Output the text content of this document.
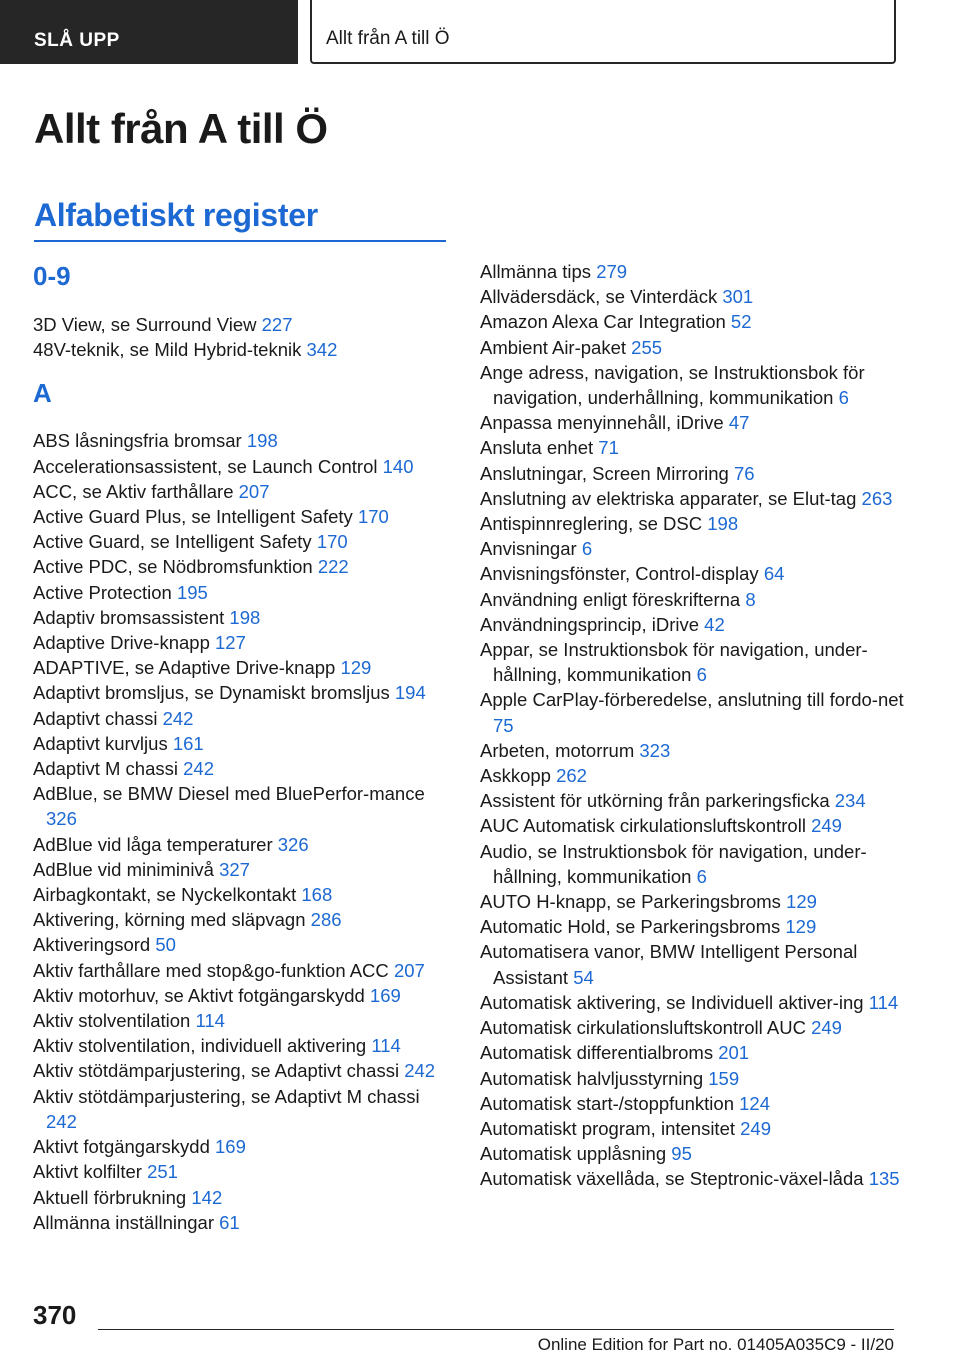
SLÅ UPP	Allt från A till Ö
Allt från A till Ö
Alfabetiskt register
0-9
3D View, se Surround View 227
48V-teknik, se Mild Hybrid-teknik 342
A
ABS låsningsfria bromsar 198
Accelerationsassistent, se Launch Control 140
ACC, se Aktiv farthållare 207
Active Guard Plus, se Intelligent Safety 170
Active Guard, se Intelligent Safety 170
Active PDC, se Nödbromsfunktion 222
Active Protection 195
Adaptiv bromsassistent 198
Adaptive Drive-knapp 127
ADAPTIVE, se Adaptive Drive-knapp 129
Adaptivt bromsljus, se Dynamiskt bromsljus 194
Adaptivt chassi 242
Adaptivt kurvljus 161
Adaptivt M chassi 242
AdBlue, se BMW Diesel med BluePerfor-mance 326
AdBlue vid låga temperaturer 326
AdBlue vid miniminivå 327
Airbagkontakt, se Nyckelkontakt 168
Aktivering, körning med släpvagn 286
Aktiveringsord 50
Aktiv farthållare med stop&go-funktion ACC 207
Aktiv motorhuv, se Aktivt fotgängarskydd 169
Aktiv stolventilation 114
Aktiv stolventilation, individuell aktivering 114
Aktiv stötdämparjustering, se Adaptivt chassi 242
Aktiv stötdämparjustering, se Adaptivt M chassi 242
Aktivt fotgängarskydd 169
Aktivt kolfilter 251
Aktuell förbrukning 142
Allmänna inställningar 61
Allmänna tips 279
Allvädersdäck, se Vinterdäck 301
Amazon Alexa Car Integration 52
Ambient Air-paket 255
Ange adress, navigation, se Instruktionsbok för navigation, underhållning, kommunikation 6
Anpassa menyinnehåll, iDrive 47
Ansluta enhet 71
Anslutningar, Screen Mirroring 76
Anslutning av elektriska apparater, se Elut-tag 263
Antispinnreglering, se DSC 198
Anvisningar 6
Anvisningsfönster, Control-display 64
Användning enligt föreskrifterna 8
Användningsprincip, iDrive 42
Appar, se Instruktionsbok för navigation, under-hållning, kommunikation 6
Apple CarPlay-förberedelse, anslutning till fordo-net 75
Arbeten, motorrum 323
Askkopp 262
Assistent för utkörning från parkeringsficka 234
AUC Automatisk cirkulationsluftskontroll 249
Audio, se Instruktionsbok för navigation, under-hållning, kommunikation 6
AUTO H-knapp, se Parkeringsbroms 129
Automatic Hold, se Parkeringsbroms 129
Automatisera vanor, BMW Intelligent Personal Assistant 54
Automatisk aktivering, se Individuell aktiver-ing 114
Automatisk cirkulationsluftskontroll AUC 249
Automatisk differentialbroms 201
Automatisk halvljusstyrning 159
Automatisk start-/stoppfunktion 124
Automatiskt program, intensitet 249
Automatisk upplåsning 95
Automatisk växellåda, se Steptronic-växel-låda 135
370
Online Edition for Part no. 01405A035C9 - II/20
